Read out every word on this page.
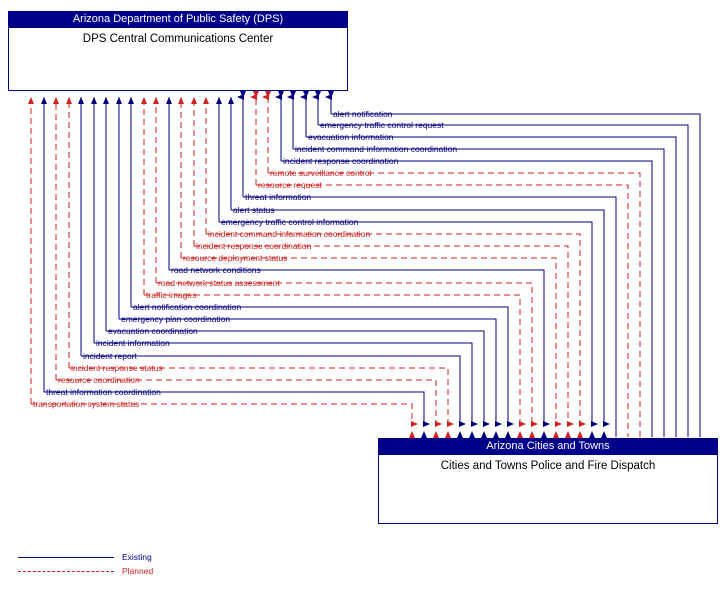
Arizona Department of Public Safety (DPS)
DPS Central Communications Center
Arizona Cities and Towns
Cities and Towns Police and Fire Dispatch
alert notification
emergency traffic control request
evacuation information
incident command information coordination
incident response coordination
remote surveillance control
resource request
threat information
alert status
emergency traffic control information
incident command information coordination
incident response coordination
resource deployment status
road network conditions
road network status assessment
traffic images
alert notification coordination
emergency plan coordination
evacuation coordination
incident information
incident report
incident response status
resource coordination
threat information coordination
transportation system status
Existing
Planned
